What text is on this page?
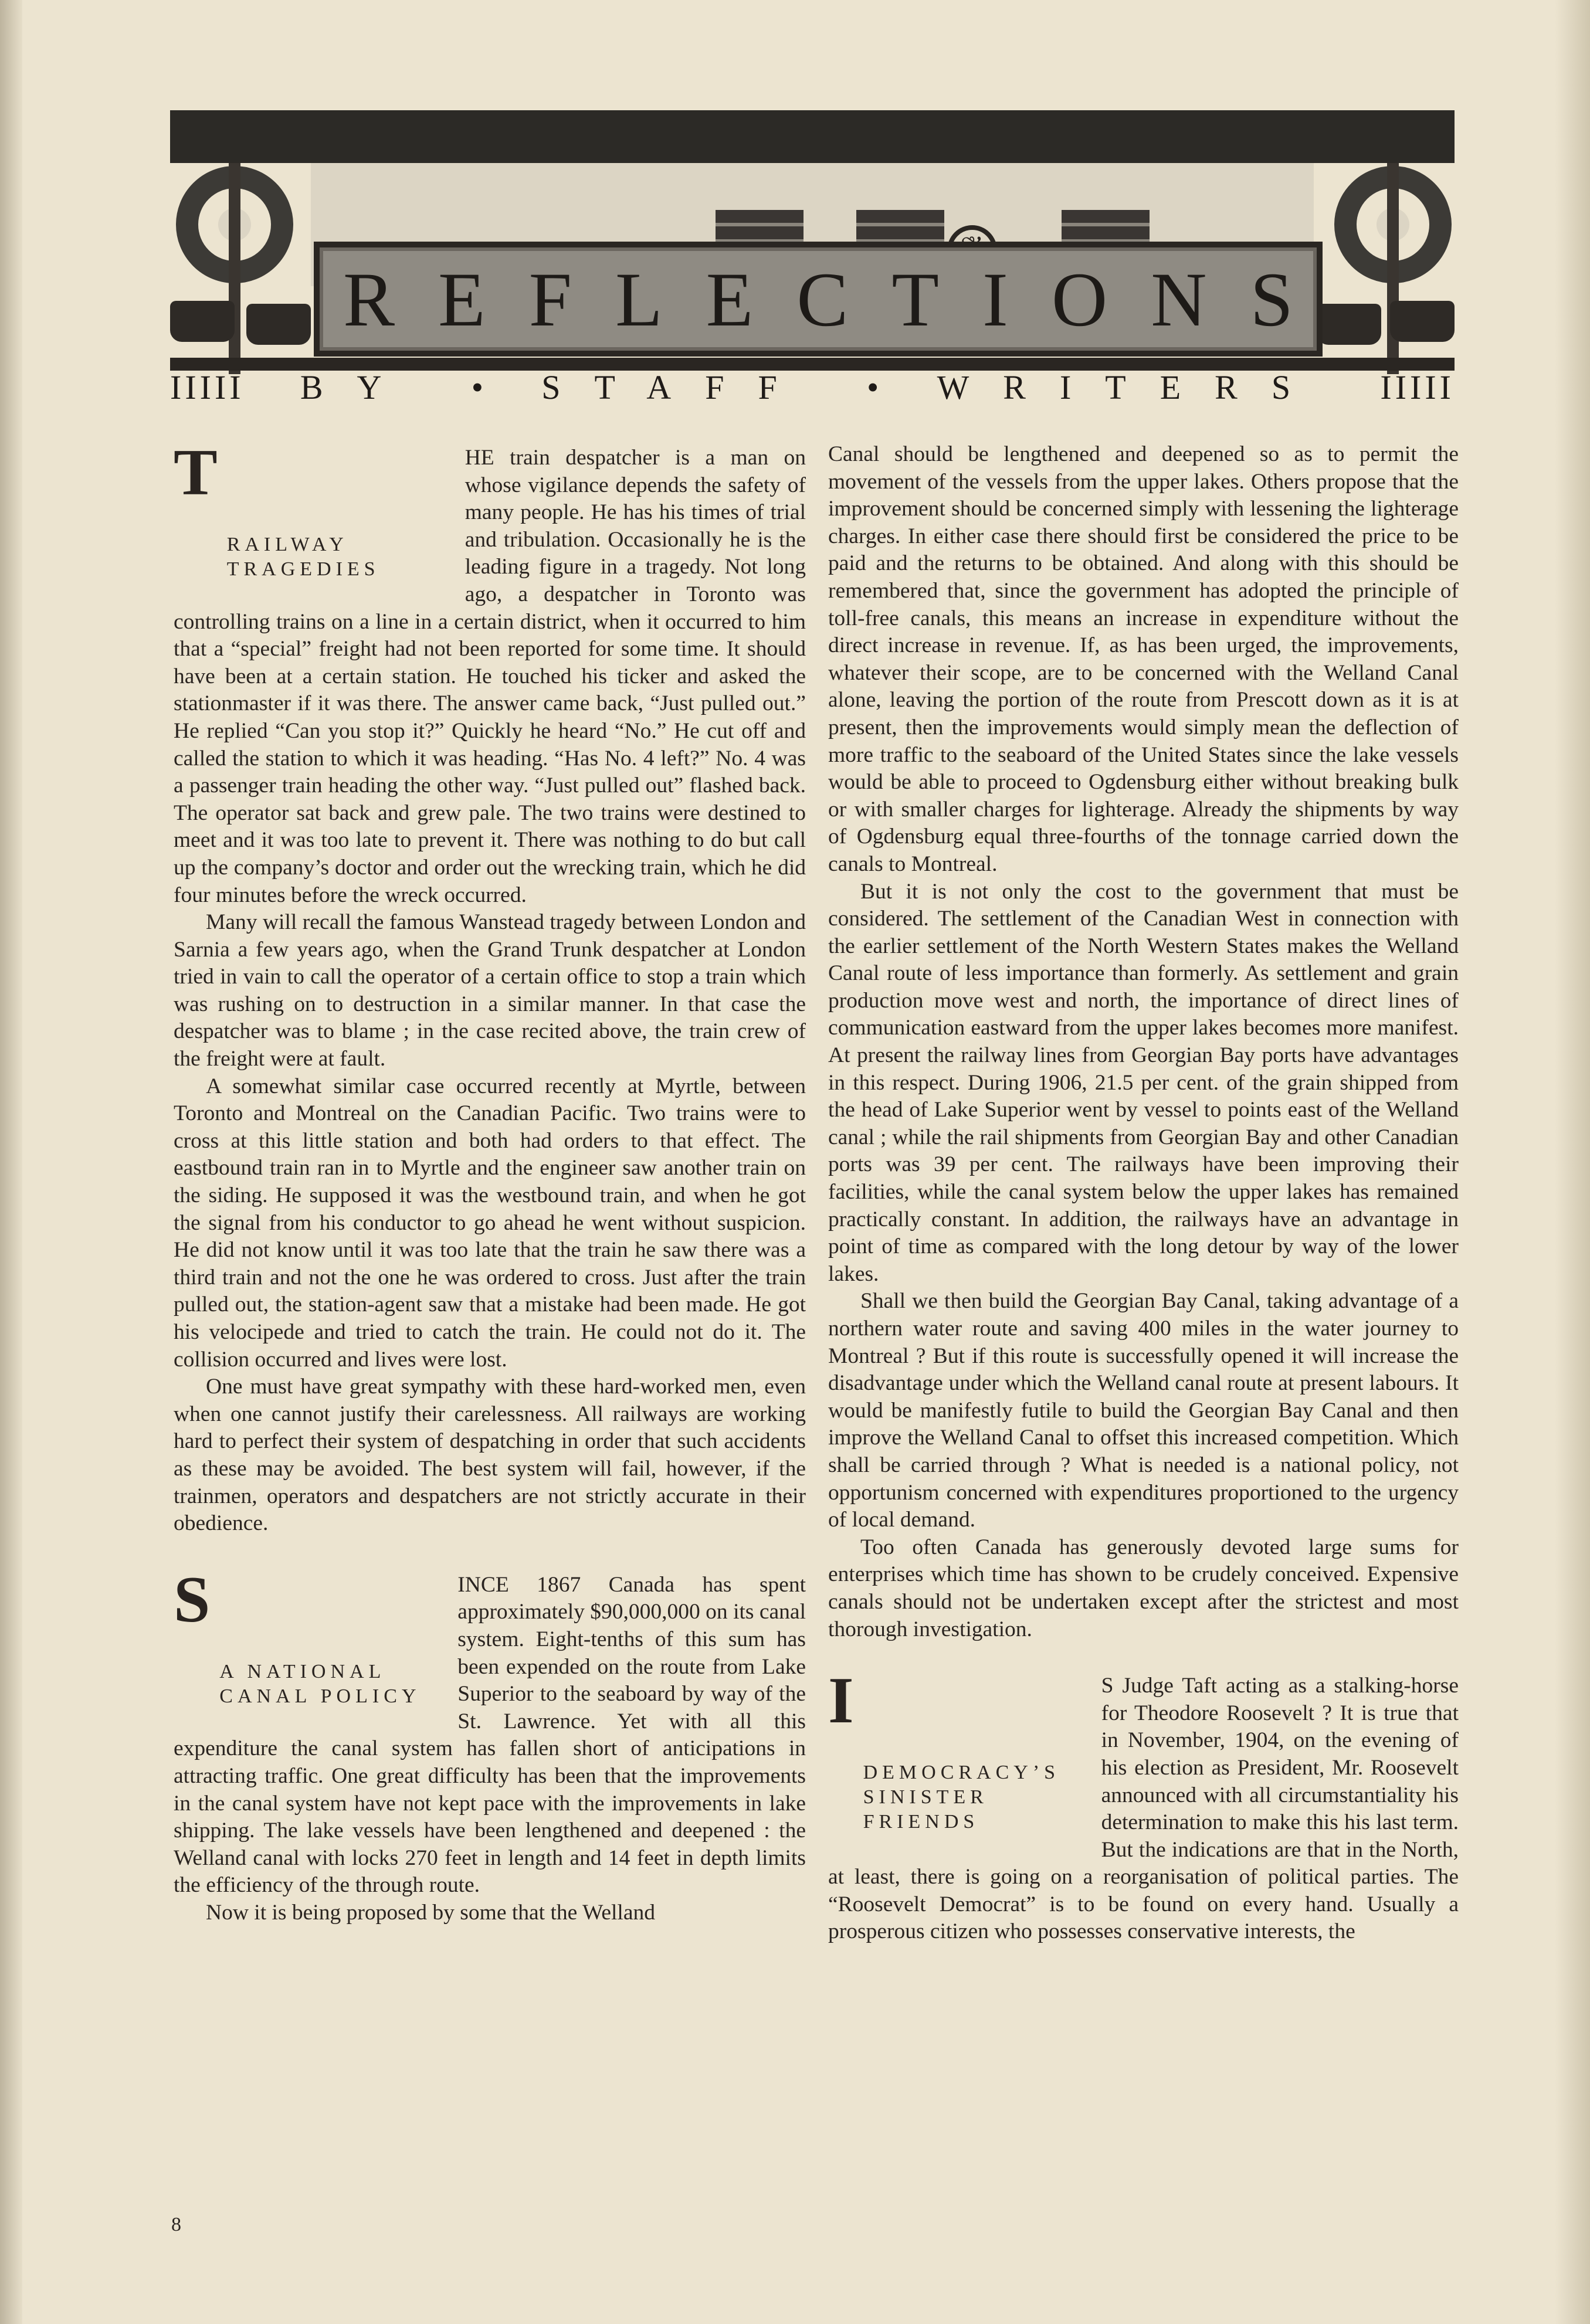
R E F L E C T I O N S
IIIII BY • STAFF • WRITERS IIIII
T

RAILWAY
TRAGEDIES
HE train despatcher is a man on whose vigilance depends the safety of many people. He has his times of trial and tribulation. Occasionally he is the leading figure in a tragedy. Not long ago, a despatcher in Toronto was controlling trains on a line in a certain district, when it occurred to him that a “special” freight had not been reported for some time. It should have been at a certain station. He touched his ticker and asked the stationmaster if it was there. The answer came back, “Just pulled out.” He replied “Can you stop it?” Quickly he heard “No.” He cut off and called the station to which it was heading. “Has No. 4 left?” No. 4 was a passenger train heading the other way. “Just pulled out” flashed back. The operator sat back and grew pale. The two trains were destined to meet and it was too late to prevent it. There was nothing to do but call up the company’s doctor and order out the wrecking train, which he did four minutes before the wreck occurred.

Many will recall the famous Wanstead tragedy between London and Sarnia a few years ago, when the Grand Trunk despatcher at London tried in vain to call the operator of a certain office to stop a train which was rushing on to destruction in a similar manner. In that case the despatcher was to blame ; in the case recited above, the train crew of the freight were at fault.

A somewhat similar case occurred recently at Myrtle, between Toronto and Montreal on the Canadian Pacific. Two trains were to cross at this little station and both had orders to that effect. The eastbound train ran in to Myrtle and the engineer saw another train on the siding. He supposed it was the westbound train, and when he got the signal from his conductor to go ahead he went without suspicion. He did not know until it was too late that the train he saw there was a third train and not the one he was ordered to cross. Just after the train pulled out, the station-agent saw that a mistake had been made. He got his velocipede and tried to catch the train. He could not do it. The collision occurred and lives were lost.

One must have great sympathy with these hard-worked men, even when one cannot justify their carelessness. All railways are working hard to perfect their system of despatching in order that such accidents as these may be avoided. The best system will fail, however, if the trainmen, operators and despatchers are not strictly accurate in their obedience.

S

A NATIONAL
CANAL POLICY
INCE 1867 Canada has spent approximately $90,000,000 on its canal system. Eight-tenths of this sum has been expended on the route from Lake Superior to the seaboard by way of the St. Lawrence. Yet with all this expenditure the canal system has fallen short of anticipations in attracting traffic. One great difficulty has been that the improvements in the canal system have not kept pace with the improvements in lake shipping. The lake vessels have been lengthened and deepened : the Welland canal with locks 270 feet in length and 14 feet in depth limits the efficiency of the through route.

Now it is being proposed by some that the Welland

Canal should be lengthened and deepened so as to permit the movement of the vessels from the upper lakes. Others propose that the improvement should be concerned simply with lessening the lighterage charges. In either case there should first be considered the price to be paid and the returns to be obtained. And along with this should be remembered that, since the government has adopted the principle of toll-free canals, this means an increase in expenditure without the direct increase in revenue. If, as has been urged, the improvements, whatever their scope, are to be concerned with the Welland Canal alone, leaving the portion of the route from Prescott down as it is at present, then the improvements would simply mean the deflection of more traffic to the seaboard of the United States since the lake vessels would be able to proceed to Ogdensburg either without breaking bulk or with smaller charges for lighterage. Already the shipments by way of Ogdensburg equal three-fourths of the tonnage carried down the canals to Montreal.

But it is not only the cost to the government that must be considered. The settlement of the Canadian West in connection with the earlier settlement of the North Western States makes the Welland Canal route of less importance than formerly. As settlement and grain production move west and north, the importance of direct lines of communication eastward from the upper lakes becomes more manifest. At present the railway lines from Georgian Bay ports have advantages in this respect. During 1906, 21.5 per cent. of the grain shipped from the head of Lake Superior went by vessel to points east of the Welland canal ; while the rail shipments from Georgian Bay and other Canadian ports was 39 per cent. The railways have been improving their facilities, while the canal system below the upper lakes has remained practically constant. In addition, the railways have an advantage in point of time as compared with the long detour by way of the lower lakes.

Shall we then build the Georgian Bay Canal, taking advantage of a northern water route and saving 400 miles in the water journey to Montreal ? But if this route is successfully opened it will increase the disadvantage under which the Welland canal route at present labours. It would be manifestly futile to build the Georgian Bay Canal and then improve the Welland Canal to offset this increased competition. Which shall be carried through ? What is needed is a national policy, not opportunism concerned with expenditures proportioned to the urgency of local demand.

Too often Canada has generously devoted large sums for enterprises which time has shown to be crudely conceived. Expensive canals should not be undertaken except after the strictest and most thorough investigation.

I

DEMOCRACY’S
SINISTER FRIENDS
S Judge Taft acting as a stalking-horse for Theodore Roosevelt ? It is true that in November, 1904, on the evening of his election as President, Mr. Roosevelt announced with all circumstantiality his determination to make this his last term. But the indications are that in the North, at least, there is going on a reorganisation of political parties. The “Roosevelt Democrat” is to be found on every hand. Usually a prosperous citizen who possesses conservative interests, the

8
